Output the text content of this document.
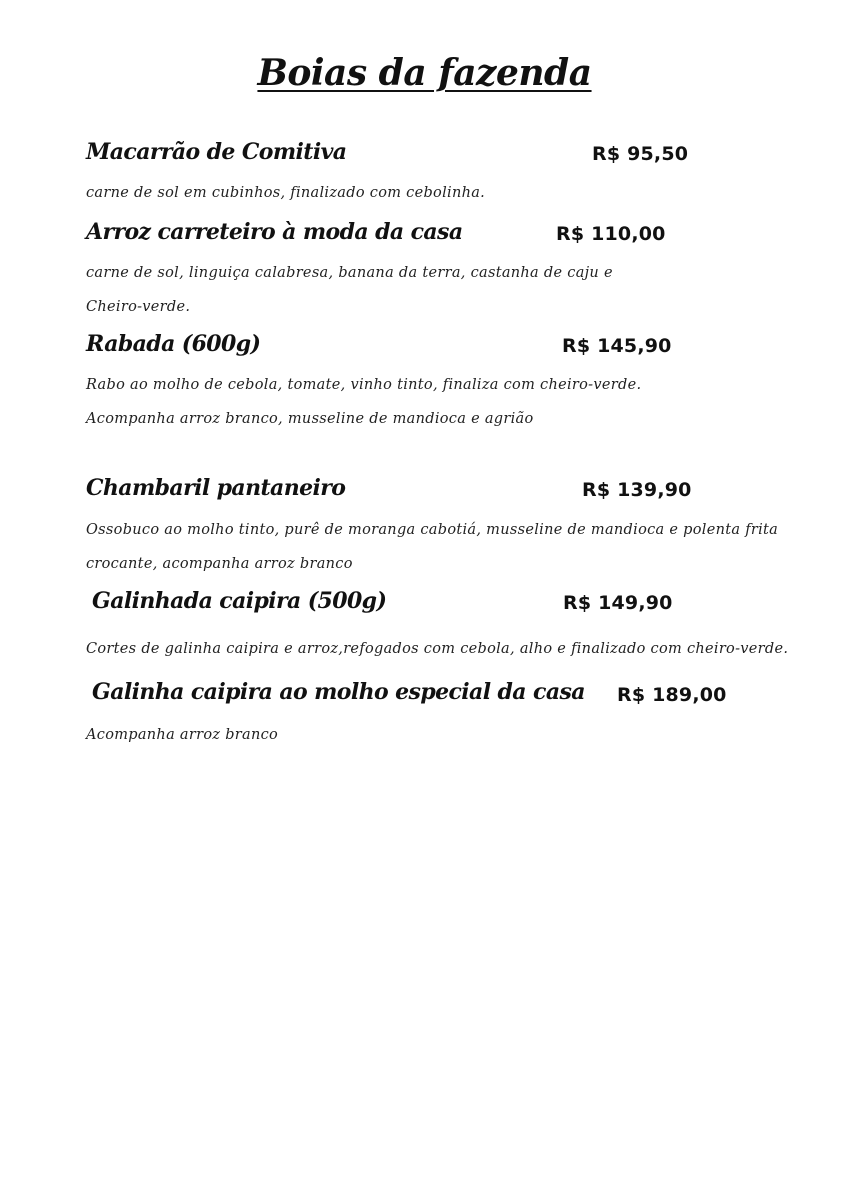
Boias da fazenda
Macarrão de Comitiva	R$ 95,50

carne de sol em cubinhos, finalizado com cebolinha.

Arroz carreteiro à moda da casa	R$ 110,00

carne de sol, linguiça calabresa, banana da terra, castanha de caju e
Cheiro-verde.

Rabada (600g)	R$ 145,90

Rabo ao molho de cebola, tomate, vinho tinto, finaliza com cheiro-verde.
Acompanha arroz branco, musseline de mandioca e agrião

Chambaril pantaneiro	R$ 139,90

Ossobuco ao molho tinto, purê de moranga cabotiá, musseline de mandioca e polenta frita
crocante, acompanha arroz branco

Galinhada caipira (500g)	R$ 149,90

Cortes de galinha caipira e arroz,refogados com cebola, alho e finalizado com cheiro-verde.

Galinha caipira ao molho especial da casa R$ 189,00

Acompanha arroz branco
